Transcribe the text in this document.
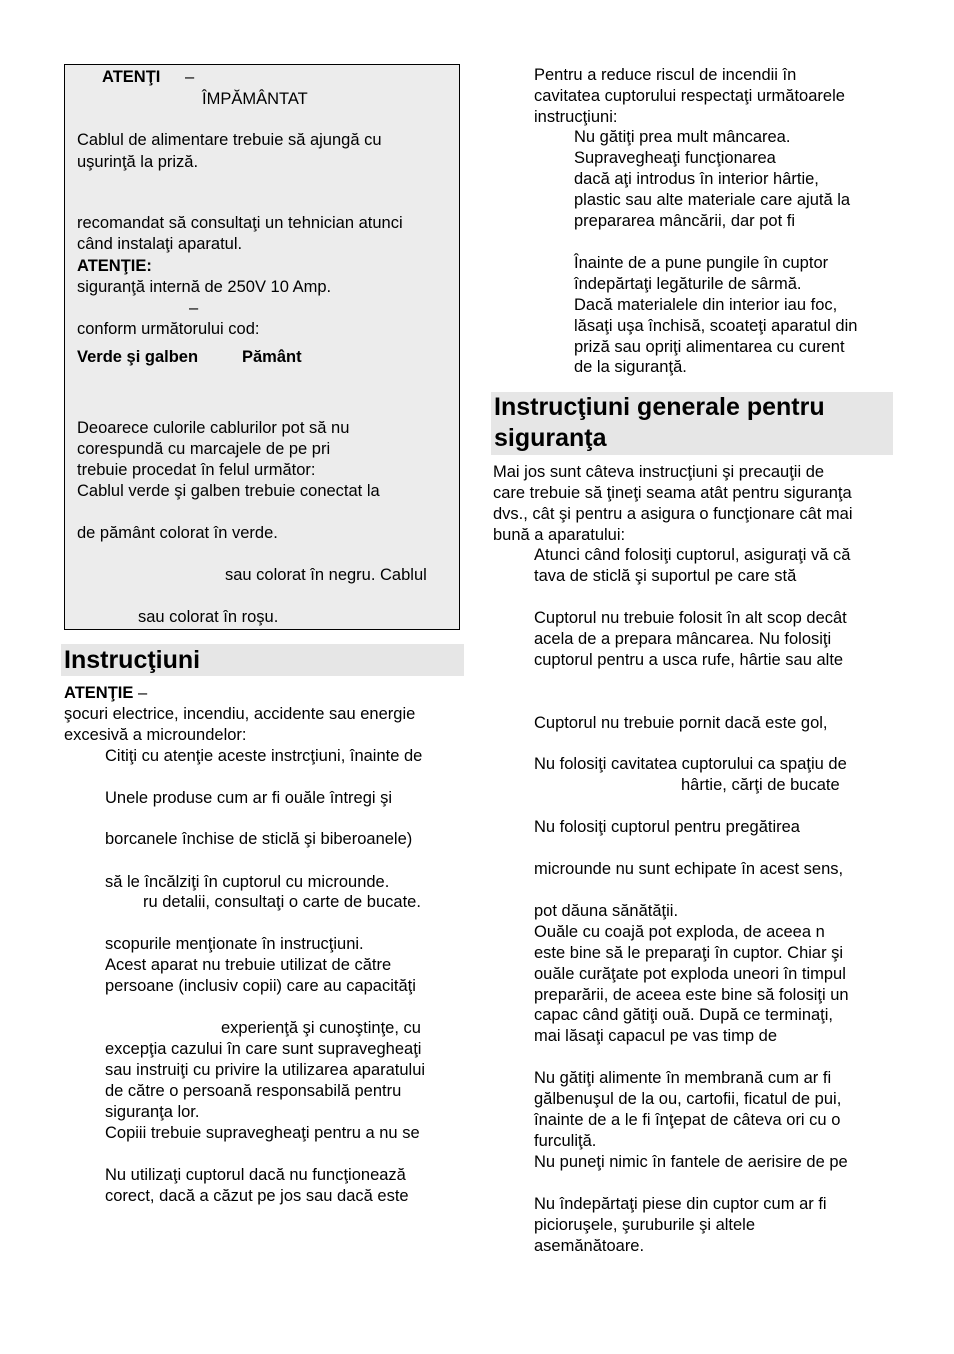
ATENŢI –
ÎMPĂMÂNTAT
Cablul de alimentare trebuie să ajungă cu
uşurinţă la priză.
recomandat să consultaţi un tehnician atunci
când instalaţi aparatul.
ATENŢIE:
siguranţă internă de 250V 10 Amp.
–
conform următorului cod:
Verde şi galben	Pământ
Deoarece culorile cablurilor pot să nu
corespundă cu marcajele de pe pri
trebuie procedat în felul următor:
Cablul verde şi galben trebuie conectat la
de pământ colorat în verde.
sau colorat în negru. Cablul
sau colorat în roşu.
Instrucţiuni
ATENŢIE –
şocuri electrice, incendiu, accidente sau energie
excesivă a microundelor:
Citiţi cu atenţie aceste instrcţiuni, înainte de
Unele produse cum ar fi ouăle întregi şi
borcanele închise de sticlă şi biberoanele)
să le încălziţi în cuptorul cu microunde.
ru detalii, consultaţi o carte de bucate.
scopurile menţionate în instrucţiuni.
Acest aparat nu trebuie utilizat de către
persoane (inclusiv copii) care au capacităţi
experienţă şi cunoştinţe, cu
excepţia cazului în care sunt supravegheaţi
sau instruiţi cu privire la utilizarea aparatului
de către o persoană responsabilă pentru
siguranţa lor.
Copiii trebuie supravegheaţi pentru a nu se
Nu utilizaţi cuptorul dacă nu funcţionează
corect, dacă a căzut pe jos sau dacă este
Pentru a reduce riscul de incendii în
cavitatea cuptorului respectaţi următoarele
instrucţiuni:
Nu gătiţi prea mult mâncarea.
Supravegheaţi funcţionarea
dacă aţi introdus în interior hârtie,
plastic sau alte materiale care ajută la
prepararea mâncării, dar pot fi
Înainte de a pune pungile în cuptor
îndepărtaţi legăturile de sârmă.
Dacă materialele din interior iau foc,
lăsaţi uşa închisă, scoateţi aparatul din
priză sau opriţi alimentarea cu curent
de la siguranţă.
Instrucţiuni generale pentru
siguranţa
Mai jos sunt câteva instrucţiuni şi precauţii de
care trebuie să ţineţi seama atât pentru siguranţa
dvs., cât şi pentru a asigura o funcţionare cât mai
bună a aparatului:
Atunci când folosiţi cuptorul, asiguraţi vă că
tava de sticlă şi suportul pe care stă
Cuptorul nu trebuie folosit în alt scop decât
acela de a prepara mâncarea. Nu folosiţi
cuptorul pentru a usca rufe, hârtie sau alte
Cuptorul nu trebuie pornit dacă este gol,
Nu folosiţi cavitatea cuptorului ca spaţiu de
hârtie, cărţi de bucate
Nu folosiţi cuptorul pentru pregătirea
microunde nu sunt echipate în acest sens,
pot dăuna sănătăţii.
Ouăle cu coajă pot exploda, de aceea n
este bine să le preparaţi în cuptor. Chiar şi
ouăle curăţate pot exploda uneori în timpul
preparării, de aceea este bine să folosiţi un
capac când gătiţi ouă. După ce terminaţi,
mai lăsaţi capacul pe vas timp de
Nu gătiţi alimente în membrană cum ar fi
gălbenuşul de la ou, cartofii, ficatul de pui,
înainte de a le fi înţepat de câteva ori cu o
furculiţă.
Nu puneţi nimic în fantele de aerisire de pe
Nu îndepărtaţi piese din cuptor cum ar fi
picioruşele, şuruburile şi altele
asemănătoare.
